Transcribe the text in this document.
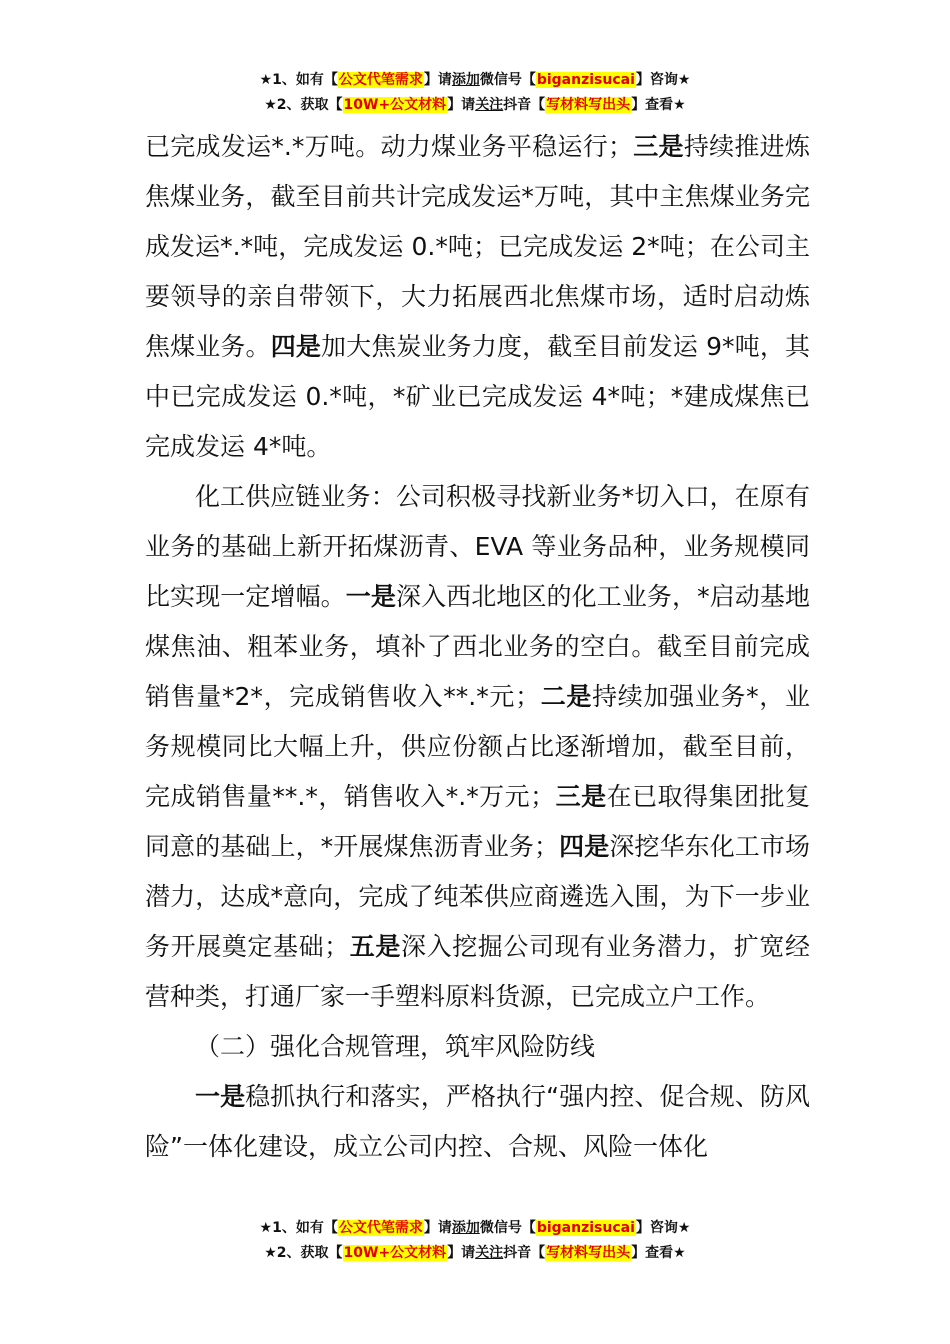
★1、如有【公文代笔需求】请添加微信号【biganzisucai】咨询★
★2、获取【10W+公文材料】请关注抖音【写材料写出头】查看★

已完成发运*.*万吨。动力煤业务平稳运行；三是持续推进炼焦煤业务，截至目前共计完成发运*万吨，其中主焦煤业务完成发运*.*吨，完成发运 0.*吨；已完成发运 2*吨；在公司主要领导的亲自带领下，大力拓展西北焦煤市场，适时启动炼焦煤业务。四是加大焦炭业务力度，截至目前发运 9*吨，其中已完成发运 0.*吨，*矿业已完成发运 4*吨；*建成煤焦已完成发运 4*吨。

化工供应链业务：公司积极寻找新业务*切入口，在原有业务的基础上新开拓煤沥青、EVA 等业务品种，业务规模同比实现一定增幅。一是深入西北地区的化工业务，*启动基地煤焦油、粗苯业务，填补了西北业务的空白。截至目前完成销售量*2*，完成销售收入**.*元；二是持续加强业务*，业务规模同比大幅上升，供应份额占比逐渐增加，截至目前，完成销售量**.*，销售收入*.*万元；三是在已取得集团批复同意的基础上，*开展煤焦沥青业务；四是深挖华东化工市场潜力，达成*意向，完成了纯苯供应商遴选入围，为下一步业务开展奠定基础；五是深入挖掘公司现有业务潜力，扩宽经营种类，打通厂家一手塑料原料货源，已完成立户工作。

（二）强化合规管理，筑牢风险防线

一是稳抓执行和落实，严格执行“强内控、促合规、防风险”一体化建设，成立公司内控、合规、风险一体化

★1、如有【公文代笔需求】请添加微信号【biganzisucai】咨询★
★2、获取【10W+公文材料】请关注抖音【写材料写出头】查看★
